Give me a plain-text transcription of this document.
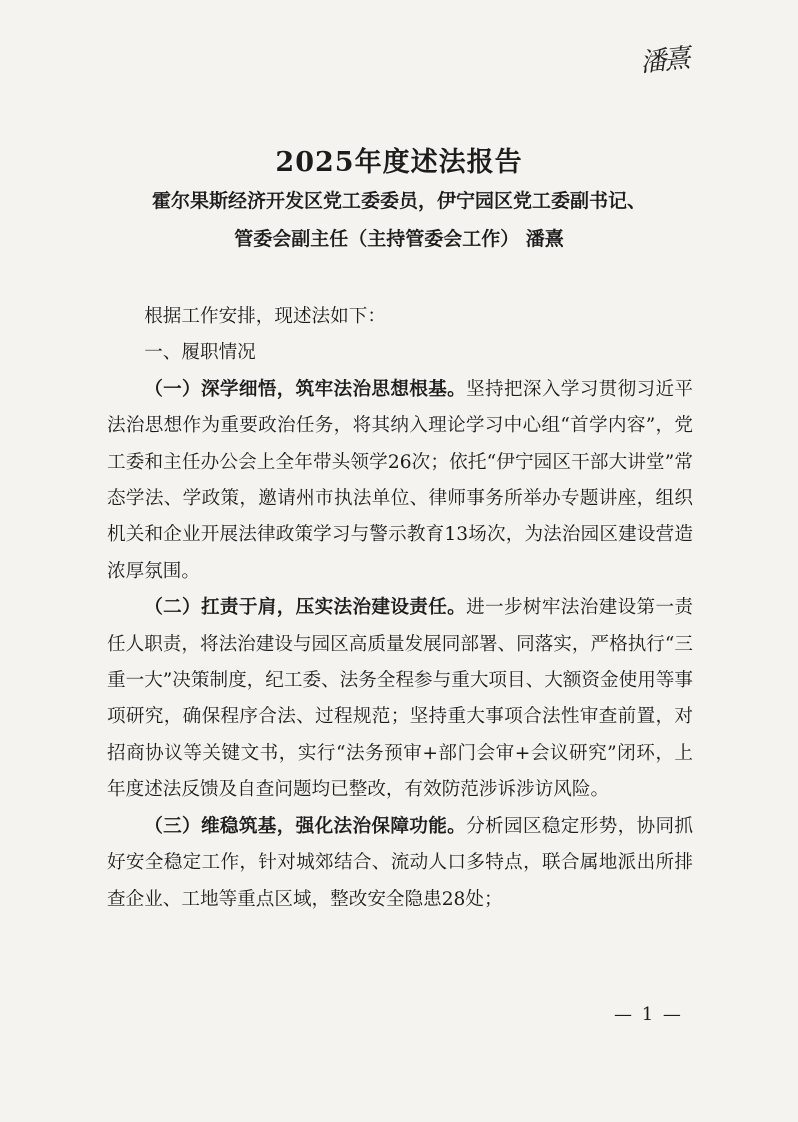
潘熹
2025年度述法报告
霍尔果斯经济开发区党工委委员，伊宁园区党工委副书记、
管委会副主任（主持管委会工作） 潘熹

根据工作安排，现述法如下：

一、履职情况

（一）深学细悟，筑牢法治思想根基。坚持把深入学习贯彻习近平法治思想作为重要政治任务，将其纳入理论学习中心组“首学内容”，党工委和主任办公会上全年带头领学26次；依托“伊宁园区干部大讲堂”常态学法、学政策，邀请州市执法单位、律师事务所举办专题讲座，组织机关和企业开展法律政策学习与警示教育13场次，为法治园区建设营造浓厚氛围。

（二）扛责于肩，压实法治建设责任。进一步树牢法治建设第一责任人职责，将法治建设与园区高质量发展同部署、同落实，严格执行“三重一大”决策制度，纪工委、法务全程参与重大项目、大额资金使用等事项研究，确保程序合法、过程规范；坚持重大事项合法性审查前置，对招商协议等关键文书，实行“法务预审+部门会审+会议研究”闭环，上年度述法反馈及自查问题均已整改，有效防范涉诉涉访风险。

（三）维稳筑基，强化法治保障功能。分析园区稳定形势，协同抓好安全稳定工作，针对城郊结合、流动人口多特点，联合属地派出所排查企业、工地等重点区域，整改安全隐患28处；

— 1 —
